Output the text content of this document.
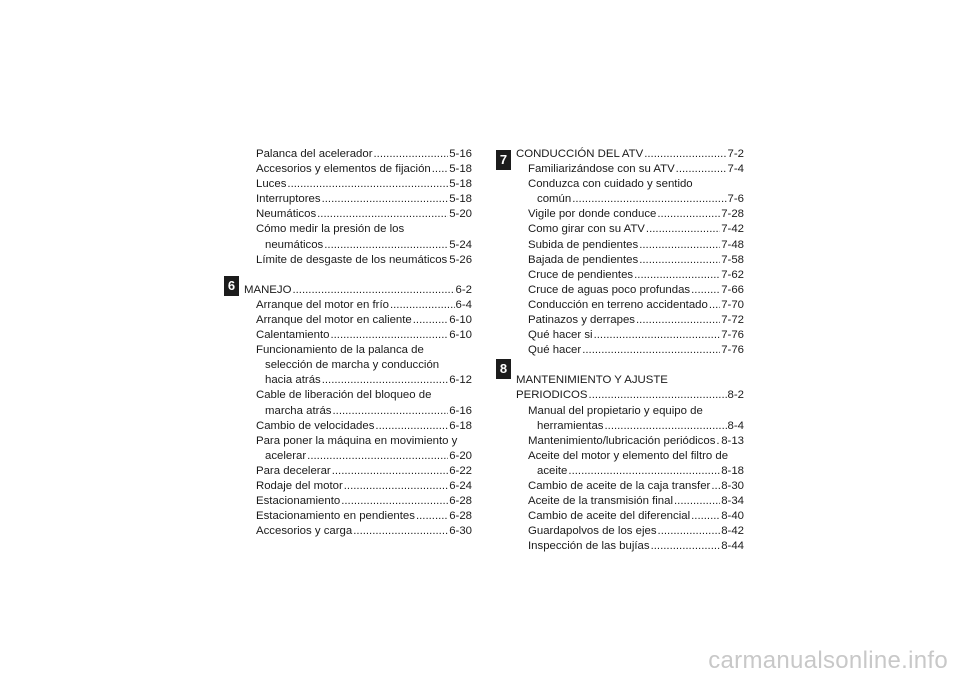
6
7
8
Palanca del acelerador .....	5-16
Accesorios y elementos de fijación ..... 5-18
Luces .....	5-18
Interruptores .....	5-18
Neumáticos .....	5-20
Cómo medir la presión de los
neumáticos .....	5-24
Límite de desgaste de los neumáticos 5-26
MANEJO .....	6-2
Arranque del motor en frío .....	6-4
Arranque del motor en caliente .....	6-10
Calentamiento .....	6-10
Funcionamiento de la palanca de
selección de marcha y conducción
hacia atrás .....	6-12
Cable de liberación del bloqueo de
marcha atrás .....	6-16
Cambio de velocidades .....	6-18
Para poner la máquina en movimiento y
acelerar .....	6-20
Para decelerar .....	6-22
Rodaje del motor .....	6-24
Estacionamiento .....	6-28
Estacionamiento en pendientes .....	6-28
Accesorios y carga .....	6-30
CONDUCCIÓN DEL ATV .....	7-2
Familiarizándose con su ATV .....	7-4
Conduzca con cuidado y sentido
común .....	7-6
Vigile por donde conduce .....	7-28
Como girar con su ATV .....	7-42
Subida de pendientes .....	7-48
Bajada de pendientes .....	7-58
Cruce de pendientes .....	7-62
Cruce de aguas poco profundas .....	7-66
Conducción en terreno accidentado ..... 7-70
Patinazos y derrapes .....	7-72
Qué hacer si .....	7-76
Qué hacer .....	7-76
MANTENIMIENTO Y AJUSTE
PERIODICOS .....	8-2
Manual del propietario y equipo de
herramientas .....	8-4
Mantenimiento/lubricación periódicos ..... 8-13
Aceite del motor y elemento del filtro de
aceite .....	8-18
Cambio de aceite de la caja transfer ..... 8-30
Aceite de la transmisión final .....	8-34
Cambio de aceite del diferencial .....	8-40
Guardapolvos de los ejes .....	8-42
Inspección de las bujías .....	8-44
carmanualsonline.info
